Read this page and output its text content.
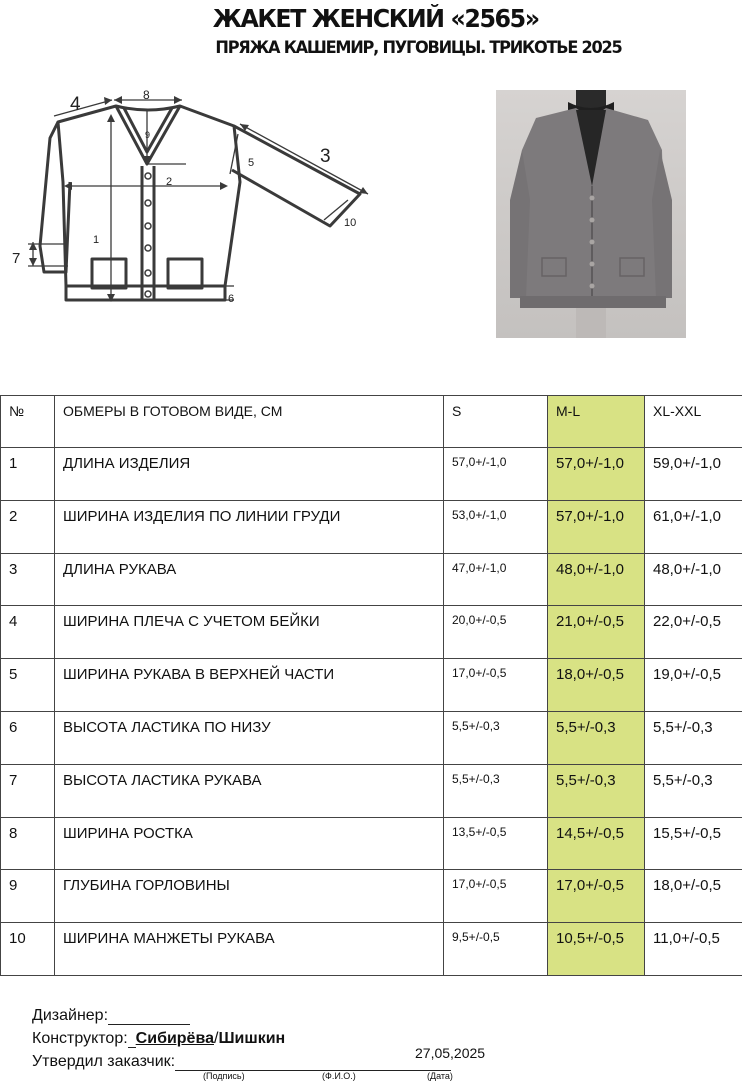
ЖАКЕТ ЖЕНСКИЙ «2565»
ПРЯЖА КАШЕМИР, ПУГОВИЦЫ. ТРИКОТЬЕ 2025
1
2
3
4
5
6
7
8
9
10
№	ОБМЕРЫ В ГОТОВОМ ВИДЕ, СМ	S	M-L	XL-XXL
1	ДЛИНА ИЗДЕЛИЯ	57,0+/-1,0	57,0+/-1,0	59,0+/-1,0
2	ШИРИНА ИЗДЕЛИЯ ПО ЛИНИИ ГРУДИ	53,0+/-1,0	57,0+/-1,0	61,0+/-1,0
3	ДЛИНА РУКАВА	47,0+/-1,0	48,0+/-1,0	48,0+/-1,0
4	ШИРИНА ПЛЕЧА С УЧЕТОМ БЕЙКИ	20,0+/-0,5	21,0+/-0,5	22,0+/-0,5
5	ШИРИНА РУКАВА В ВЕРХНЕЙ ЧАСТИ	17,0+/-0,5	18,0+/-0,5	19,0+/-0,5
6	ВЫСОТА ЛАСТИКА ПО НИЗУ	5,5+/-0,3	5,5+/-0,3	5,5+/-0,3
7	ВЫСОТА ЛАСТИКА РУКАВА	5,5+/-0,3	5,5+/-0,3	5,5+/-0,3
8	ШИРИНА РОСТКА	13,5+/-0,5	14,5+/-0,5	15,5+/-0,5
9	ГЛУБИНА ГОРЛОВИНЫ	17,0+/-0,5	17,0+/-0,5	18,0+/-0,5
10	ШИРИНА МАНЖЕТЫ РУКАВА	9,5+/-0,5	10,5+/-0,5	11,0+/-0,5
Дизайнер:
Конструктор: Сибирёва/Шишкин
Утвердил заказчик:	27,05,2025
(Подпись)	(Ф.И.О.)	(Дата)
